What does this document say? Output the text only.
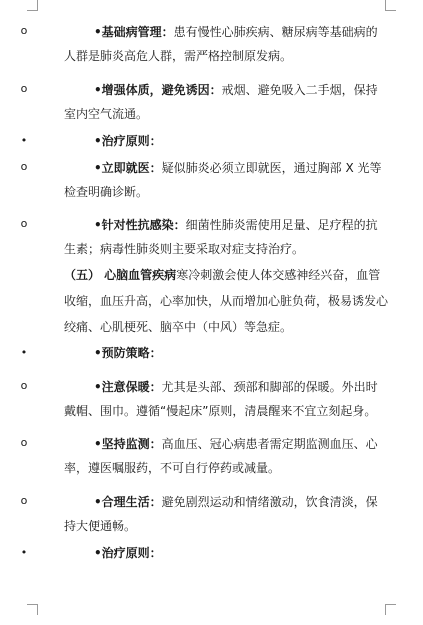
o	•基础病管理：患有慢性心肺疾病、糖尿病等基础病的人群是肺炎高危人群，需严格控制原发病。
o	•增强体质，避免诱因：戒烟、避免吸入二手烟，保持室内空气流通。
•	•治疗原则：
o	•立即就医：疑似肺炎必须立即就医，通过胸部 X 光等检查明确诊断。
o	•针对性抗感染：细菌性肺炎需使用足量、足疗程的抗生素；病毒性肺炎则主要采取对症支持治疗。
（五） 心脑血管疾病寒冷刺激会使人体交感神经兴奋，血管收缩，血压升高，心率加快，从而增加心脏负荷，极易诱发心绞痛、心肌梗死、脑卒中（中风）等急症。
•	•预防策略：
o	•注意保暖：尤其是头部、颈部和脚部的保暖。外出时戴帽、围巾。遵循“慢起床”原则，清晨醒来不宜立刻起身。
o	•坚持监测：高血压、冠心病患者需定期监测血压、心率，遵医嘱服药，不可自行停药或减量。
o	•合理生活：避免剧烈运动和情绪激动，饮食清淡，保持大便通畅。
•	•治疗原则：
